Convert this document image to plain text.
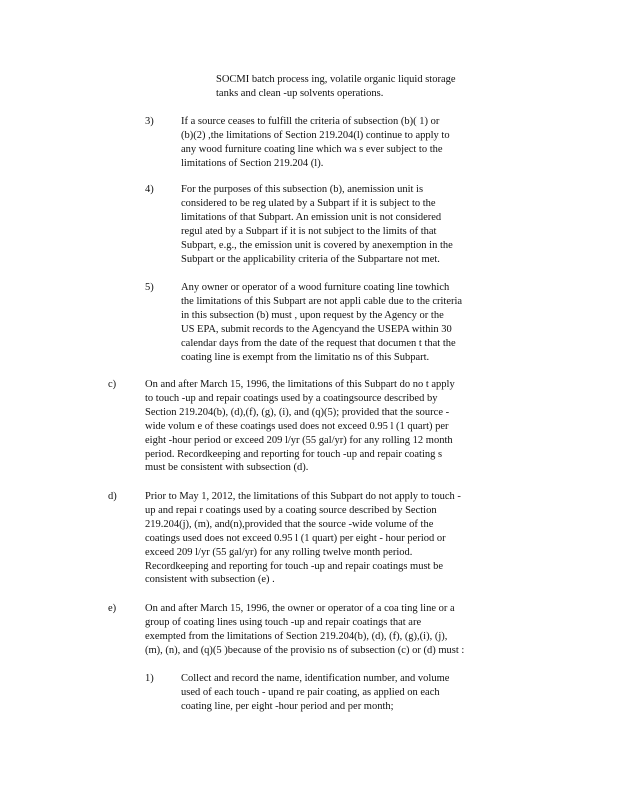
SOCMI batch process ing, volatile organic liquid storage
tanks and clean -up solvents operations.
3)	If a source ceases to fulfill the criteria of subsection (b)( 1) or
(b)(2) ,the limitations of Section 219.204(l) continue to apply to
any wood furniture coating line which wa s ever subject to the
limitations of Section 219.204 (l).
4)	For the purposes of this subsection (b), anemission unit is
considered to be reg ulated by a Subpart if it is subject to the
limitations of that Subpart. An emission unit is not considered
regul ated by a Subpart if it is not subject to the limits of that
Subpart, e.g., the emission unit is covered by anexemption in the
Subpart or the applicability criteria of the Subpartare not met.
5)	Any owner or operator of a wood furniture coating line towhich
the limitations of this Subpart are not appli cable due to the criteria
in this subsection (b) must , upon request by the Agency or the
US EPA, submit records to the Agencyand the USEPA within 30
calendar days from the date of the request that documen t that the
coating line is exempt from the limitatio ns of this Subpart.
c)	On and after March 15, 1996, the limitations of this Subpart do no t apply
to touch -up and repair coatings used by a coatingsource described by
Section 219.204(b), (d),(f), (g), (i), and (q)(5); provided that the source -
wide volum e of these coatings used does not exceed 0.95 l (1 quart) per
eight -hour period or exceed 209 l/yr (55 gal/yr) for any rolling 12 month
period. Recordkeeping and reporting for touch -up and repair coating s
must be consistent with subsection (d).
d)	Prior to May 1, 2012, the limitations of this Subpart do not apply to touch -
up and repai r coatings used by a coating source described by Section
219.204(j), (m), and(n),provided that the source -wide volume of the
coatings used does not exceed 0.95 l (1 quart) per eight - hour period or
exceed 209 l/yr (55 gal/yr) for any rolling twelve month period.
Recordkeeping and reporting for touch -up and repair coatings must be
consistent with subsection (e) .
e)	On and after March 15, 1996, the owner or operator of a coa ting line or a
group of coating lines using touch -up and repair coatings that are
exempted from the limitations of Section 219.204(b), (d), (f), (g),(i), (j),
(m), (n), and (q)(5 )because of the provisio ns of subsection (c) or (d) must :
1)	Collect and record the name, identification number, and volume
used of each touch - upand re pair coating, as applied on each
coating line, per eight -hour period and per month;
